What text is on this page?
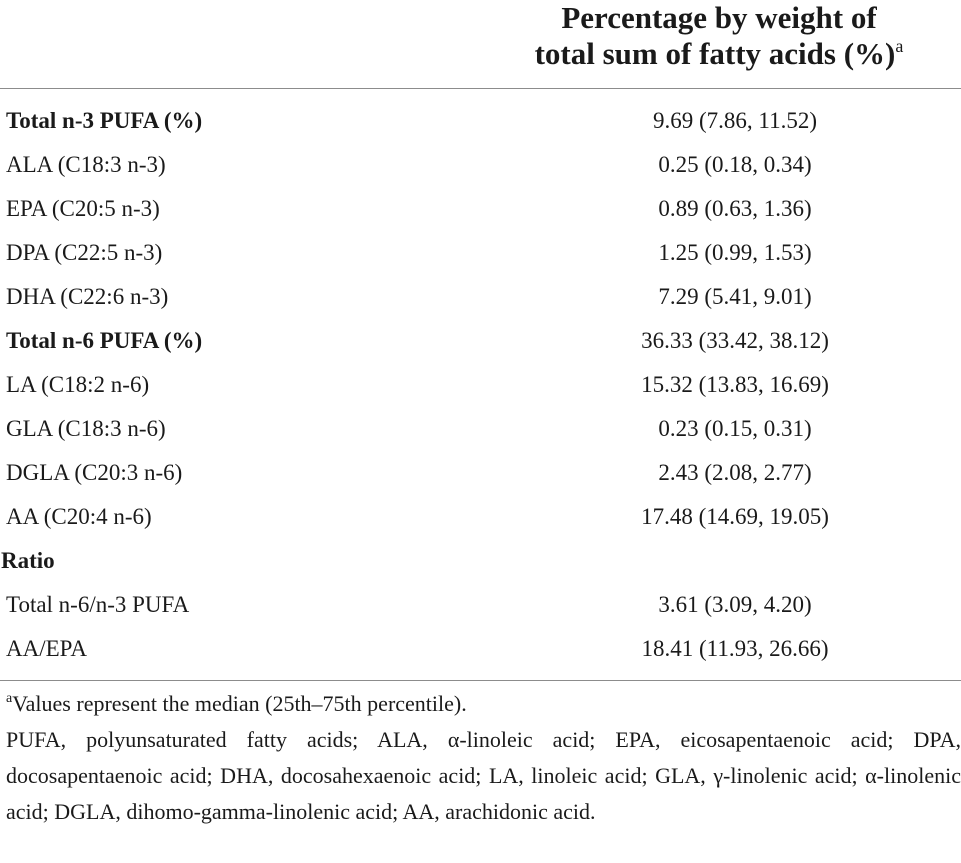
Percentage by weight of
total sum of fatty acids (%)$^a$
Total n-3 PUFA (%)	9.69 (7.86, 11.52)
ALA (C18:3 n-3)	0.25 (0.18, 0.34)
EPA (C20:5 n-3)	0.89 (0.63, 1.36)
DPA (C22:5 n-3)	1.25 (0.99, 1.53)
DHA (C22:6 n-3)	7.29 (5.41, 9.01)
Total n-6 PUFA (%)	36.33 (33.42, 38.12)
LA (C18:2 n-6)	15.32 (13.83, 16.69)
GLA (C18:3 n-6)	0.23 (0.15, 0.31)
DGLA (C20:3 n-6)	2.43 (2.08, 2.77)
AA (C20:4 n-6)	17.48 (14.69, 19.05)
Ratio
Total n-6/n-3 PUFA	3.61 (3.09, 4.20)
AA/EPA	18.41 (11.93, 26.66)
$^a$Values represent the median (25th–75th percentile).
PUFA, polyunsaturated fatty acids; ALA, α-linoleic acid; EPA, eicosapentaenoic acid; DPA, docosapentaenoic acid; DHA, docosahexaenoic acid; LA, linoleic acid; GLA, γ-linolenic acid; α-linolenic acid; DGLA, dihomo-gamma-linolenic acid; AA, arachidonic acid.
